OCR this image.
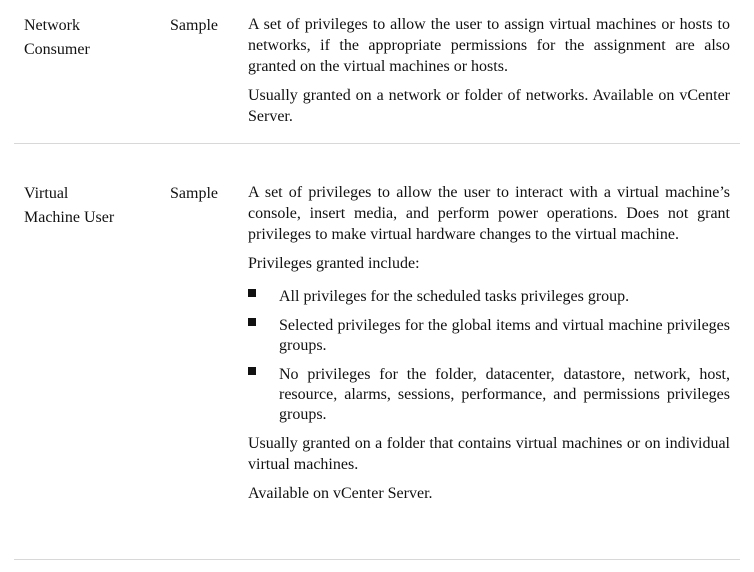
Network
Consumer
Sample A set of privileges to allow the user to assign virtual machines or hosts to networks, if the appropriate permissions for the assignment are also granted on the virtual machines or hosts.

Usually granted on a network or folder of networks. Available on vCenter Server.

Virtual
Machine User
Sample A set of privileges to allow the user to interact with a virtual machine’s console, insert media, and perform power operations. Does not grant privileges to make virtual hardware changes to the virtual machine.

Privileges granted include:

All privileges for the scheduled tasks privileges group.
Selected privileges for the global items and virtual machine privileges groups.
No privileges for the folder, datacenter, datastore, network, host, resource, alarms, sessions, performance, and permissions privileges groups.

Usually granted on a folder that contains virtual machines or on individual virtual machines.

Available on vCenter Server.
